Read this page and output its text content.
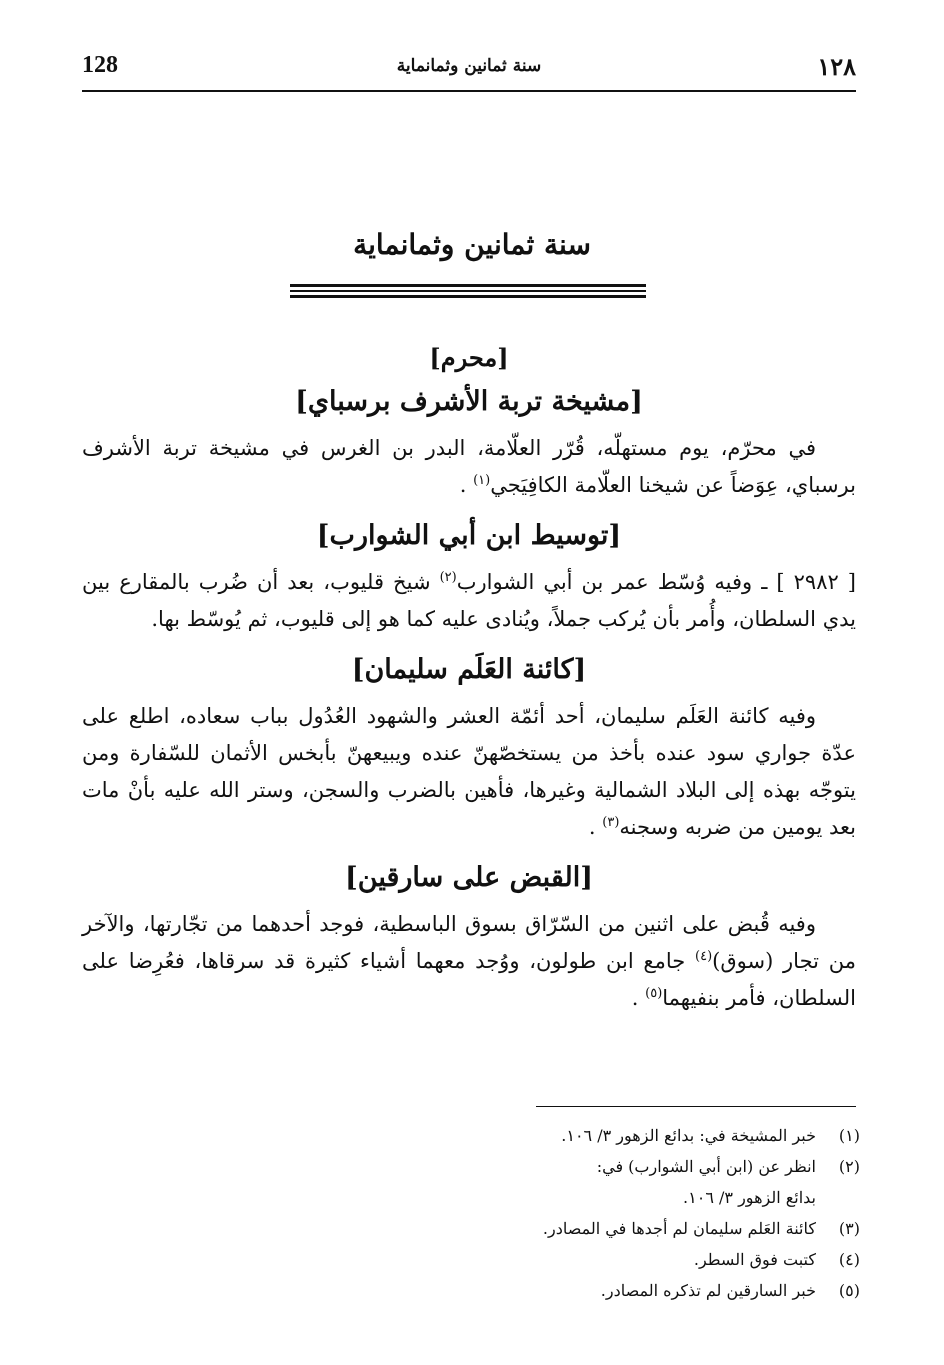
128	سنة ثمانين وثمانماية	١٢٨
سنة ثمانين وثمانماية
[محرم]
[مشيخة تربة الأشرف برسباي]
في محرّم، يوم مستهلّه، قُرّر العلّامة، البدر بن الغرس في مشيخة تربة الأشرف برسباي، عِوَضاً عن شيخنا العلّامة الكافِيَجي$^{(١)}$ .
[توسيط ابن أبي الشوارب]
[ ٢٩٨٢ ] ـ وفيه وُسّط عمر بن أبي الشوارب$^{(٢)}$ شيخ قليوب، بعد أن ضُرب بالمقارع بين يدي السلطان، وأُمر بأن يُركب جملاً، ويُنادى عليه كما هو إلى قليوب، ثم يُوسّط بها.
[كائنة العَلَم سليمان]
وفيه كائنة العَلَم سليمان، أحد أئمّة العشر والشهود العُدُول بباب سعاده، اطلع على عدّة جواري سود عنده بأخذ من يستخصّهنّ عنده ويبيعهنّ بأبخس الأثمان للسّفارة ومن يتوجّه بهذه إلى البلاد الشمالية وغيرها، فأهين بالضرب والسجن، وستر الله عليه بأنْ مات بعد يومين من ضربه وسجنه$^{(٣)}$ .
[القبض على سارقين]
وفيه قُبض على اثنين من السّرّاق بسوق الباسطية، فوجد أحدهما من تجّارتها، والآخر من تجار (سوق)$^{(٤)}$ جامع ابن طولون، ووُجد معهما أشياء كثيرة قد سرقاها، فعُرِضا على السلطان، فأمر بنفيهما$^{(٥)}$ .
(١)
خبر المشيخة في: بدائع الزهور ٣/ ١٠٦.
(٢)
انظر عن (ابن أبي الشوارب) في:
بدائع الزهور ٣/ ١٠٦.
(٣)
كائنة العَلم سليمان لم أجدها في المصادر.
(٤)
كتبت فوق السطر.
(٥)
خبر السارقين لم تذكره المصادر.
